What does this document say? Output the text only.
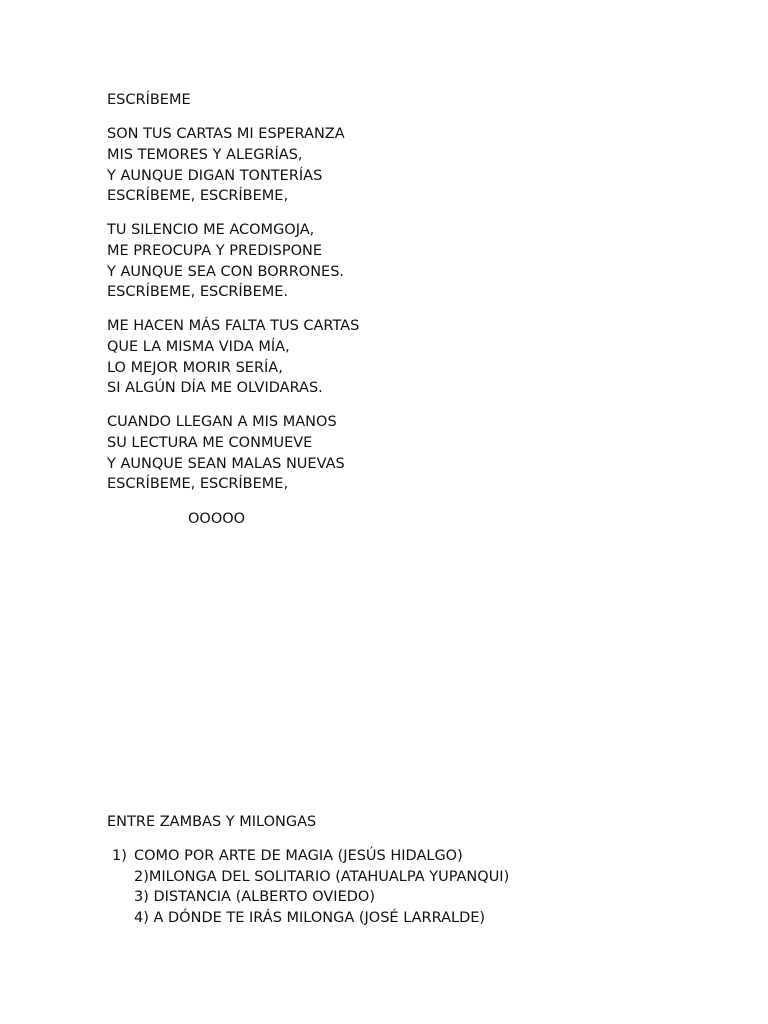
ESCRÍBEME
SON TUS CARTAS MI ESPERANZA
MIS TEMORES Y ALEGRÍAS,
Y AUNQUE DIGAN TONTERÍAS
ESCRÍBEME, ESCRÍBEME,
TU SILENCIO ME ACOMGOJA,
ME PREOCUPA Y PREDISPONE
Y AUNQUE SEA CON BORRONES.
ESCRÍBEME, ESCRÍBEME.
ME HACEN MÁS FALTA TUS CARTAS
QUE LA MISMA VIDA MÍA,
LO MEJOR MORIR SERÍA,
SI ALGÚN DÍA ME OLVIDARAS.
CUANDO LLEGAN A MIS MANOS
SU LECTURA ME CONMUEVE
Y AUNQUE SEAN MALAS NUEVAS
ESCRÍBEME, ESCRÍBEME,
OOOOO
ENTRE ZAMBAS Y MILONGAS
1) COMO POR ARTE DE MAGIA (JESÚS HIDALGO)
2)MILONGA DEL SOLITARIO (ATAHUALPA YUPANQUI)
3) DISTANCIA (ALBERTO OVIEDO)
4) A DÓNDE TE IRÁS MILONGA (JOSÉ LARRALDE)
